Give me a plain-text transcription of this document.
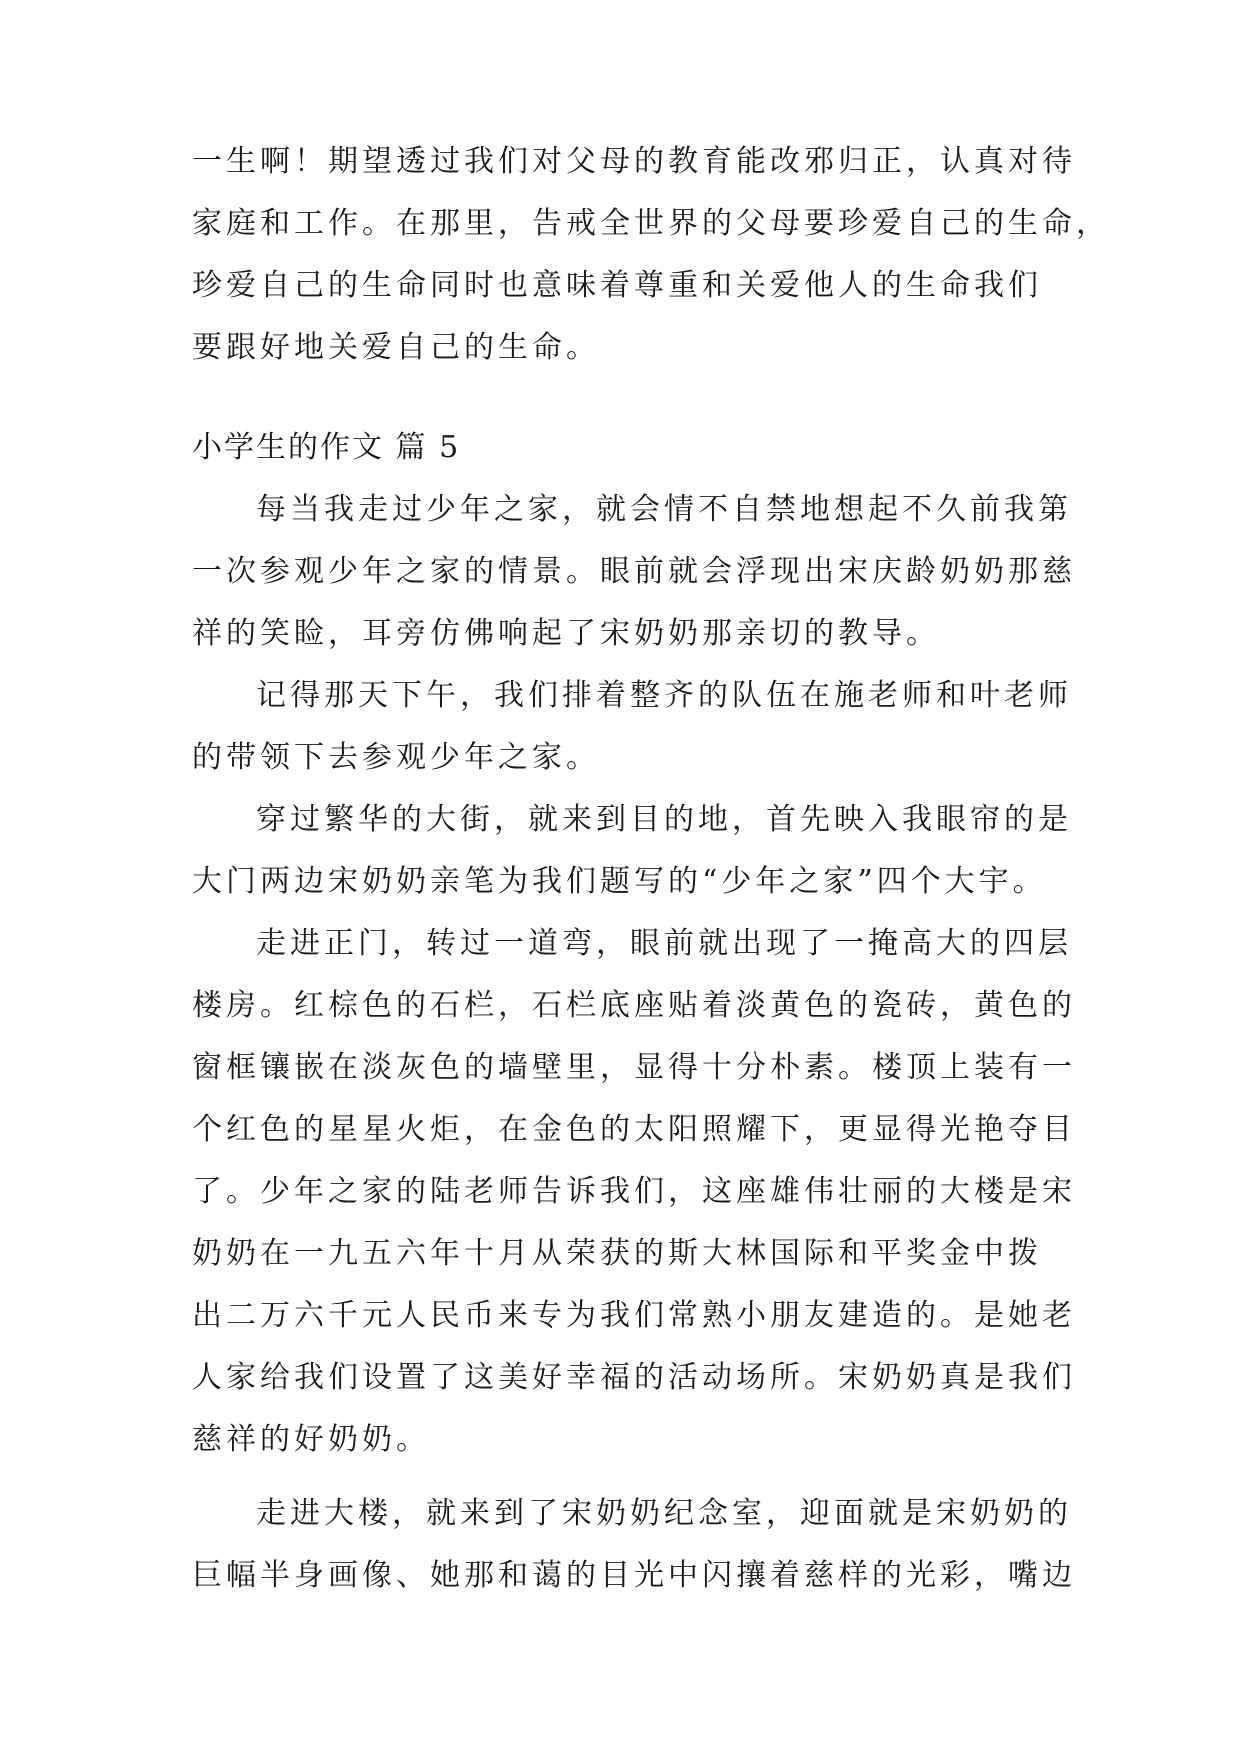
一生啊！期望透过我们对父母的教育能改邪归正，认真对待
家庭和工作。在那里，告戒全世界的父母要珍爱自己的生命，
珍爱自己的生命同时也意味着尊重和关爱他人的生命我们
要跟好地关爱自己的生命。
小学生的作文 篇 5
每当我走过少年之家，就会情不自禁地想起不久前我第
一次参观少年之家的情景。眼前就会浮现出宋庆龄奶奶那慈
祥的笑睑，耳旁仿佛响起了宋奶奶那亲切的教导。
记得那天下午，我们排着整齐的队伍在施老师和叶老师
的带领下去参观少年之家。
穿过繁华的大街，就来到目的地，首先映入我眼帘的是
大门两边宋奶奶亲笔为我们题写的“少年之家”四个大宇。
走进正门，转过一道弯，眼前就出现了一掩高大的四层
楼房。红棕色的石栏，石栏底座贴着淡黄色的瓷砖，黄色的
窗框镶嵌在淡灰色的墙壁里，显得十分朴素。楼顶上装有一
个红色的星星火炬，在金色的太阳照耀下，更显得光艳夺目
了。少年之家的陆老师告诉我们，这座雄伟壮丽的大楼是宋
奶奶在一九五六年十月从荣获的斯大林国际和平奖金中拨
出二万六千元人民币来专为我们常熟小朋友建造的。是她老
人家给我们设置了这美好幸福的活动场所。宋奶奶真是我们
慈祥的好奶奶。
走进大楼，就来到了宋奶奶纪念室，迎面就是宋奶奶的
巨幅半身画像、她那和蔼的目光中闪攘着慈样的光彩，嘴边
